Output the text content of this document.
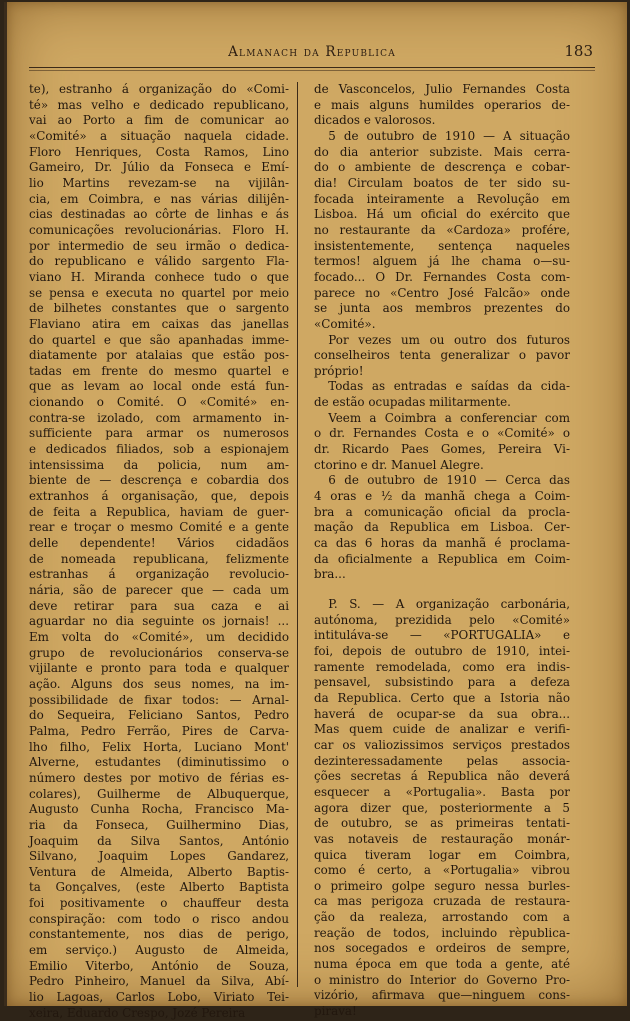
Almanach da Republica	183
te), estranho á organização do «Comi-
té» mas velho e dedicado republicano,
vai ao Porto a fim de comunicar ao
«Comité» a situação naquela cidade.
Floro Henriques, Costa Ramos, Lino
Gameiro, Dr. Júlio da Fonseca e Emí-
lio Martins revezam-se na vijilân-
cia, em Coimbra, e nas várias dilijên-
cias destinadas ao côrte de linhas e ás
comunicações revolucionárias. Floro H.
por intermedio de seu irmão o dedica-
do republicano e válido sargento Fla-
viano H. Miranda conhece tudo o que
se pensa e executa no quartel por meio
de bilhetes constantes que o sargento
Flaviano atira em caixas das janellas
do quartel e que são apanhadas imme-
diatamente por atalaias que estão pos-
tadas em frente do mesmo quartel e
que as levam ao local onde está fun-
cionando o Comité. O «Comité» en-
contra-se izolado, com armamento in-
sufficiente para armar os numerosos
e dedicados filiados, sob a espionajem
intensissima da policia, num am-
biente de — descrença e cobardia dos
extranhos á organisação, que, depois
de feita a Republica, haviam de guer-
rear e troçar o mesmo Comité e a gente
delle dependente! Vários cidadãos
de nomeada republicana, felizmente
estranhas á organização revolucio-
nária, são de parecer que — cada um
deve retirar para sua caza e ai
aguardar no dia seguinte os jornais! ...
Em volta do «Comité», um decidido
grupo de revolucionários conserva-se
vijilante e pronto para toda e qualquer
ação. Alguns dos seus nomes, na im-
possibilidade de fixar todos: — Arnal-
do Sequeira, Feliciano Santos, Pedro
Palma, Pedro Ferrão, Pires de Carva-
lho filho, Felix Horta, Luciano Mont'
Alverne, estudantes (diminutissimo o
número destes por motivo de férias es-
colares), Guilherme de Albuquerque,
Augusto Cunha Rocha, Francisco Ma-
ria da Fonseca, Guilhermino Dias,
Joaquim da Silva Santos, António
Silvano, Joaquim Lopes Gandarez,
Ventura de Almeida, Alberto Baptis-
ta Gonçalves, (este Alberto Baptista
foi positivamente o chauffeur desta
conspiração: com todo o risco andou
constantemente, nos dias de perigo,
em serviço.) Augusto de Almeida,
Emilio Viterbo, António de Souza,
Pedro Pinheiro, Manuel da Silva, Abí-
lio Lagoas, Carlos Lobo, Viriato Tei-
xeira, Eduardo Crespo, Jozé Pereira
de Vasconcelos, Julio Fernandes Costa
e mais alguns humildes operarios de-
dicados e valorosos.
5 de outubro de 1910 — A situação
do dia anterior subziste. Mais cerra-
do o ambiente de descrença e cobar-
dia! Circulam boatos de ter sido su-
focada inteiramente a Revolução em
Lisboa. Há um oficial do exército que
no restaurante da «Cardoza» profére,
insistentemente, sentença naqueles
termos! alguem já lhe chama o—su-
focado... O Dr. Fernandes Costa com-
parece no «Centro José Falcão» onde
se junta aos membros prezentes do
«Comité».
Por vezes um ou outro dos futuros
conselheiros tenta generalizar o pavor
próprio!
Todas as entradas e saídas da cida-
de estão ocupadas militarmente.
Veem a Coimbra a conferenciar com
o dr. Fernandes Costa e o «Comité» o
dr. Ricardo Paes Gomes, Pereira Vi-
ctorino e dr. Manuel Alegre.
6 de outubro de 1910 — Cerca das
4 oras e ½ da manhã chega a Coim-
bra a comunicação oficial da procla-
mação da Republica em Lisboa. Cer-
ca das 6 horas da manhã é proclama-
da oficialmente a Republica em Coim-
bra...
P. S. — A organização carbonária,
autónoma, prezidida pelo «Comité»
intituláva-se — «PORTUGALIA» e
foi, depois de outubro de 1910, intei-
ramente remodelada, como era indis-
pensavel, subsistindo para a defeza
da Republica. Certo que a Istoria não
haverá de ocupar-se da sua obra...
Mas quem cuide de analizar e verifi-
car os valiozissimos serviços prestados
dezinteressadamente pelas associa-
ções secretas á Republica não deverá
esquecer a «Portugalia». Basta por
agora dizer que, posteriormente a 5
de outubro, se as primeiras tentati-
vas notaveis de restauração monár-
quica tiveram logar em Coimbra,
como é certo, a «Portugalia» vibrou
o primeiro golpe seguro nessa burles-
ca mas perigoza cruzada de restaura-
ção da realeza, arrostando com a
reação de todos, incluindo rèpublica-
nos socegados e ordeiros de sempre,
numa época em que toda a gente, até
o ministro do Interior do Governo Pro-
vizório, afirmava que—ninguem cons-
pirava!
